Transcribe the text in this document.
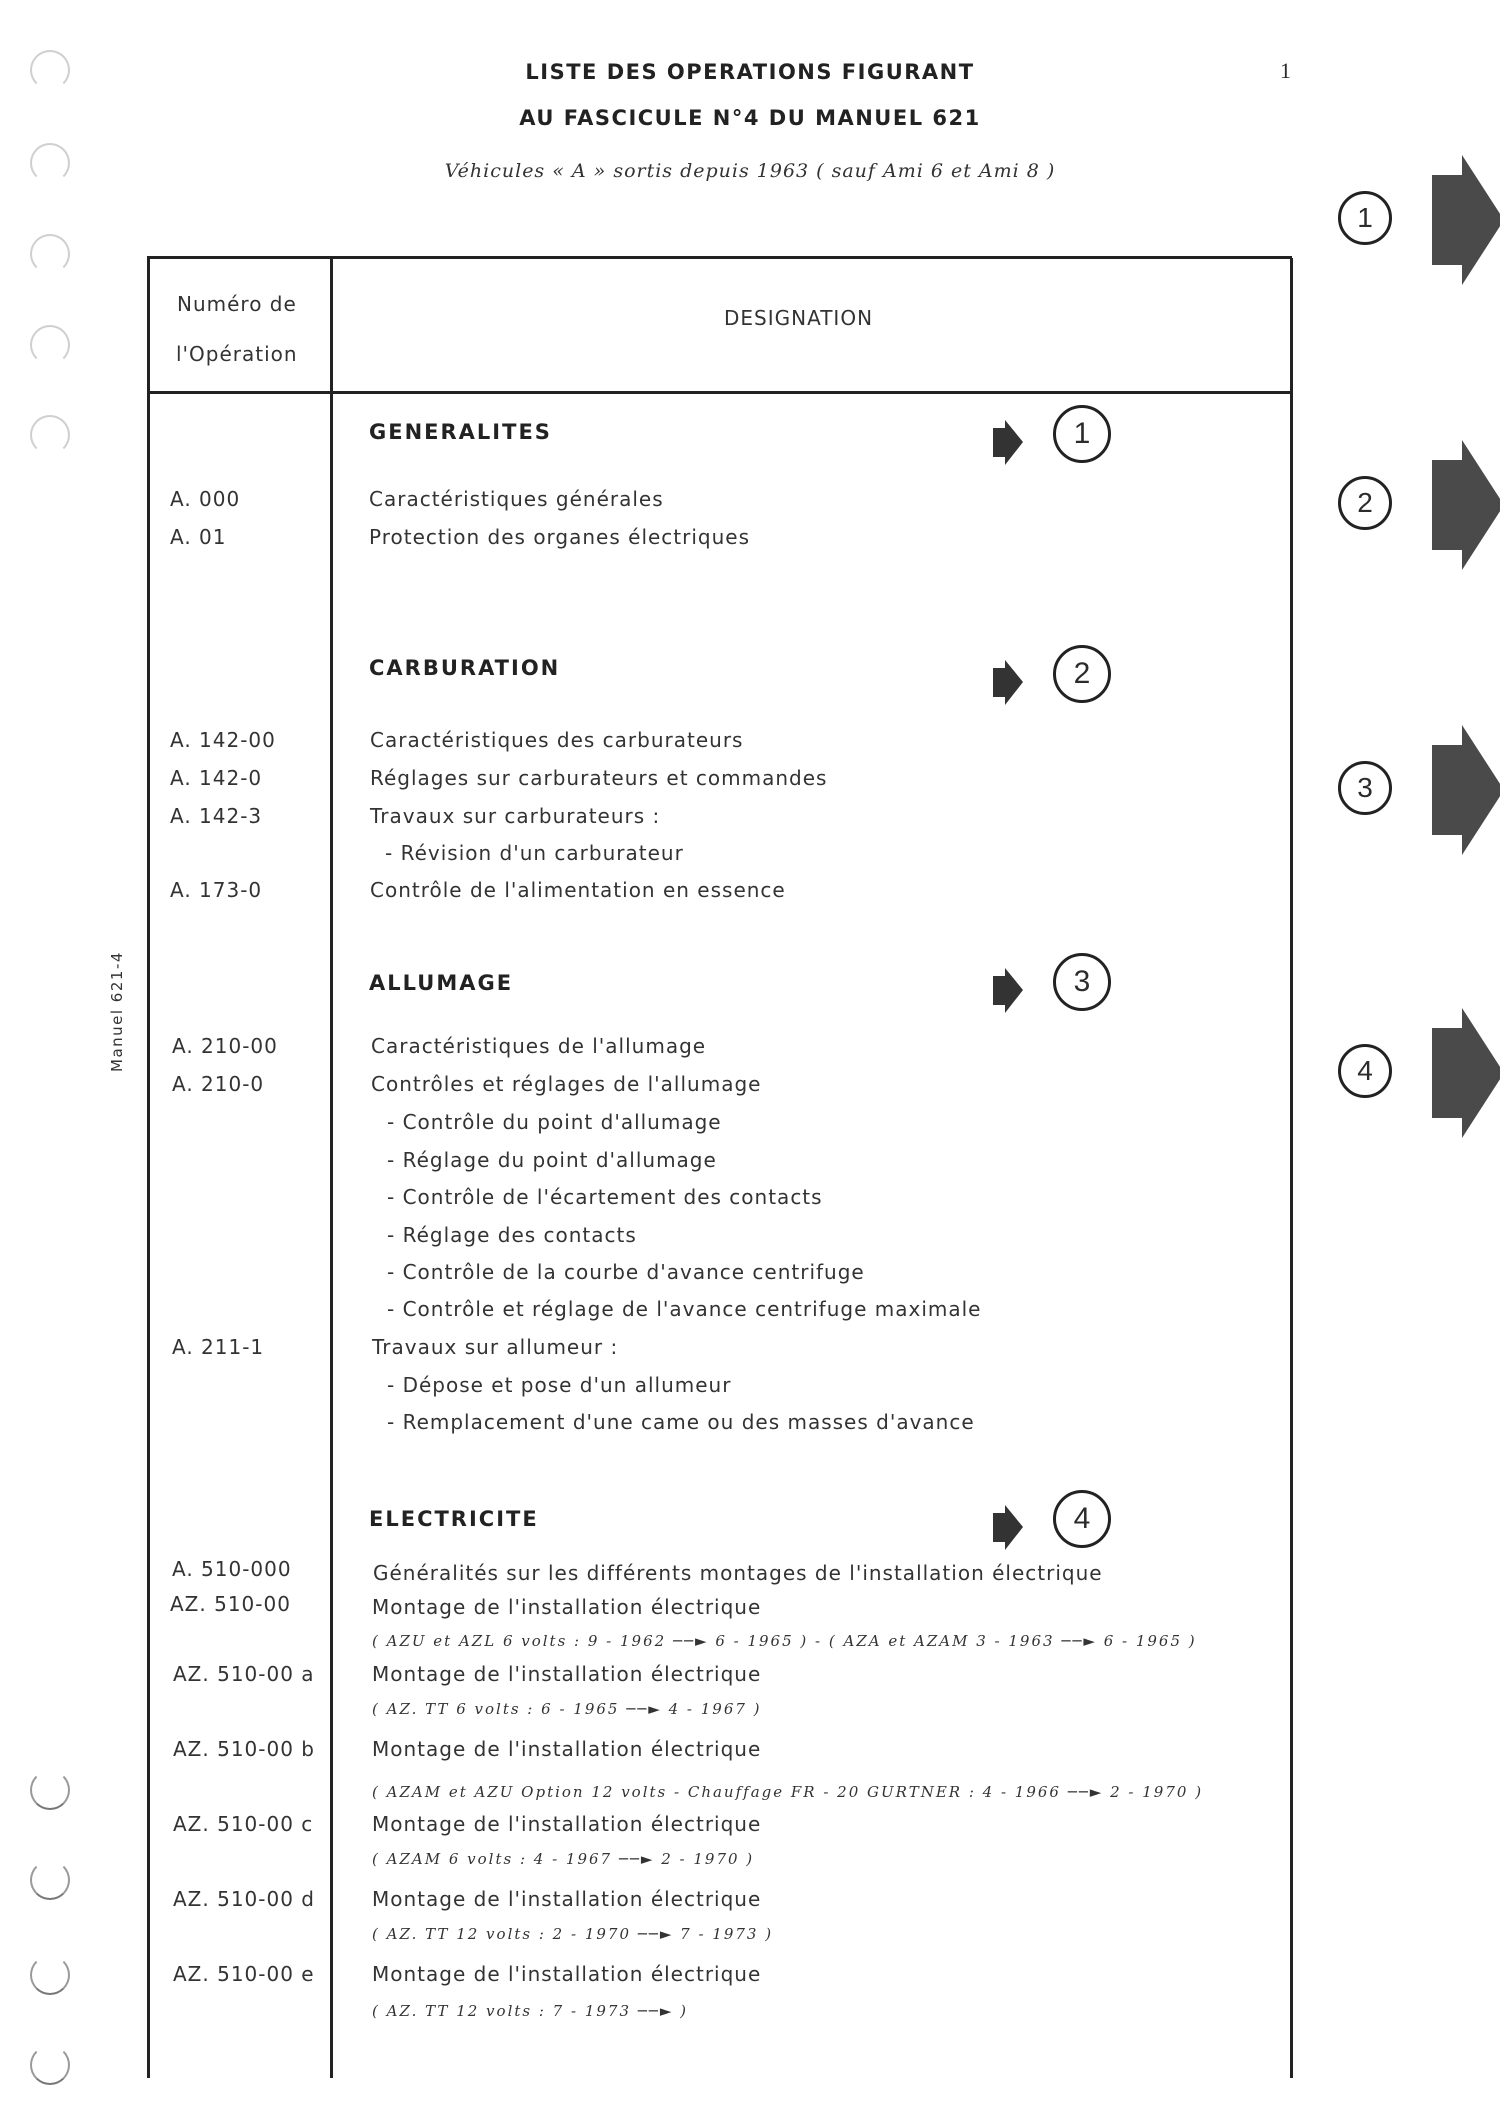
LISTE DES OPERATIONS FIGURANT
AU FASCICULE N°4 DU MANUEL 621
Véhicules « A » sortis depuis 1963 ( sauf Ami 6 et Ami 8 )
1
Manuel 621-4
1
2
3
4
Numéro de
l'Opération
DESIGNATION
GENERALITES	1
A. 000	Caractéristiques générales
A. 01	Protection des organes électriques
CARBURATION	2
A. 142-00	Caractéristiques des carburateurs
A. 142-0	Réglages sur carburateurs et commandes
A. 142-3	Travaux sur carburateurs :
- Révision d'un carburateur
A. 173-0	Contrôle de l'alimentation en essence
ALLUMAGE	3
A. 210-00	Caractéristiques de l'allumage
A. 210-0	Contrôles et réglages de l'allumage
- Contrôle du point d'allumage
- Réglage du point d'allumage
- Contrôle de l'écartement des contacts
- Réglage des contacts
- Contrôle de la courbe d'avance centrifuge
- Contrôle et réglage de l'avance centrifuge maximale
A. 211-1	Travaux sur allumeur :
- Dépose et pose d'un allumeur
- Remplacement d'une came ou des masses d'avance
ELECTRICITE	4
A. 510-000	Généralités sur les différents montages de l'installation électrique
AZ. 510-00	Montage de l'installation électrique
( AZU et AZL 6 volts : 9 - 1962 ──► 6 - 1965 ) - ( AZA et AZAM 3 - 1963 ──► 6 - 1965 )
AZ. 510-00 a	Montage de l'installation électrique
( AZ. TT 6 volts : 6 - 1965 ──► 4 - 1967 )
AZ. 510-00 b	Montage de l'installation électrique
( AZAM et AZU Option 12 volts - Chauffage FR - 20 GURTNER : 4 - 1966 ──► 2 - 1970 )
AZ. 510-00 c	Montage de l'installation électrique
( AZAM 6 volts : 4 - 1967 ──► 2 - 1970 )
AZ. 510-00 d	Montage de l'installation électrique
( AZ. TT 12 volts : 2 - 1970 ──► 7 - 1973 )
AZ. 510-00 e	Montage de l'installation électrique
( AZ. TT 12 volts : 7 - 1973 ──► )
